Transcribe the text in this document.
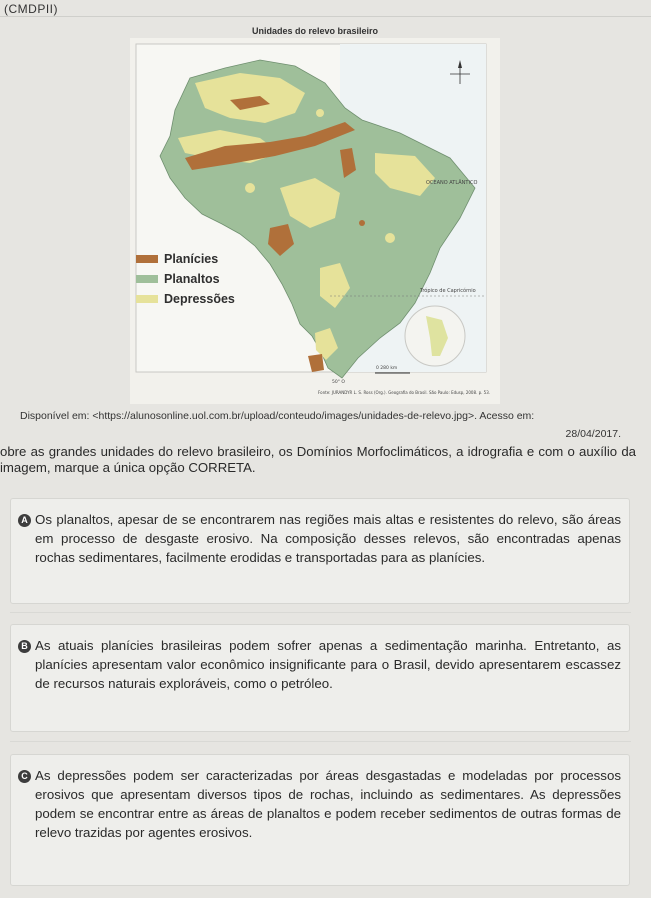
(CMDPII)
Unidades do relevo brasileiro
Trópico de Capricórnio
OCEANO ATLÂNTICO
0 280 km
50° O
Fonte: JURANDYR L. S. Ross (Org.). Geografia do Brasil. São Paulo: Edusp, 2008. p. 53.
Planícies
Planaltos
Depressões
Disponível em: <https://alunosonline.uol.com.br/upload/conteudo/images/unidades-de-relevo.jpg>. Acesso em:
28/04/2017.
obre as grandes unidades do relevo brasileiro, os Domínios Morfoclimáticos, a idrografia e com o auxílio da imagem, marque a única opção CORRETA.
A Os planaltos, apesar de se encontrarem nas regiões mais altas e resistentes do relevo, são áreas em processo de desgaste erosivo. Na composição desses relevos, são encontradas apenas rochas sedimentares, facilmente erodidas e transportadas para as planícies.
B As atuais planícies brasileiras podem sofrer apenas a sedimentação marinha. Entretanto, as planícies apresentam valor econômico insignificante para o Brasil, devido apresentarem escassez de recursos naturais exploráveis, como o petróleo.
C As depressões podem ser caracterizadas por áreas desgastadas e modeladas por processos erosivos que apresentam diversos tipos de rochas, incluindo as sedimentares. As depressões podem se encontrar entre as áreas de planaltos e podem receber sedimentos de outras formas de relevo trazidas por agentes erosivos.
